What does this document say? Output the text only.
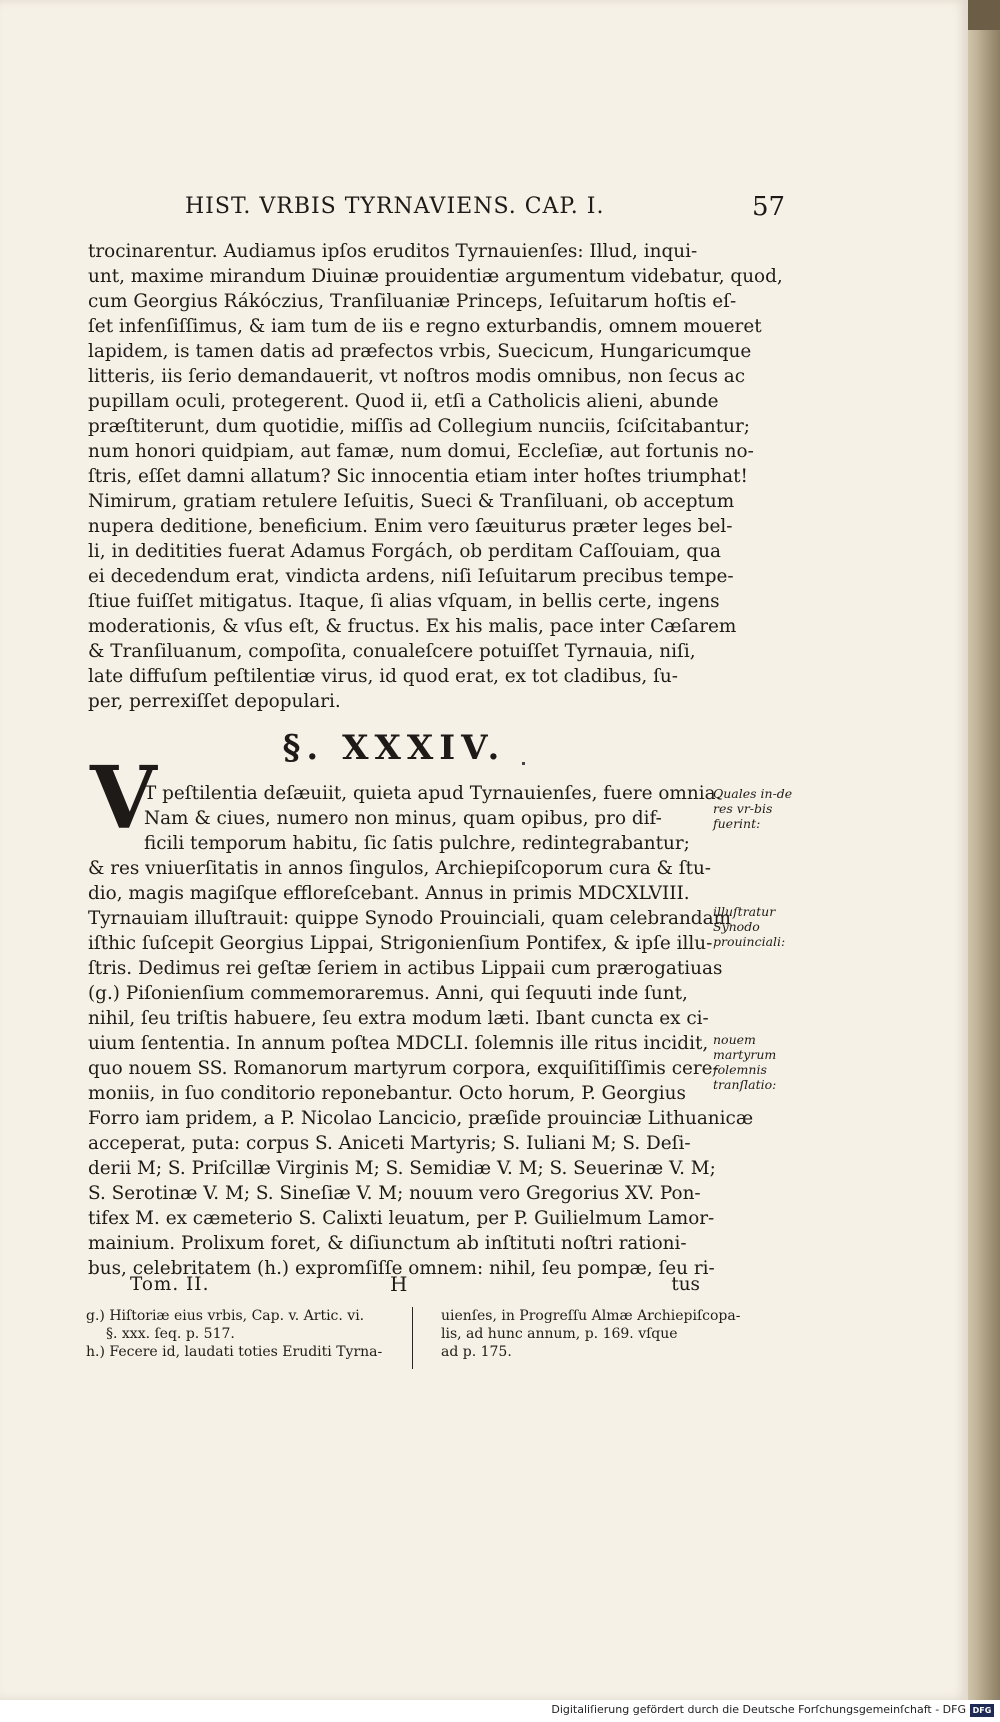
HIST. VRBIS TYRNAVIENS. CAP. I.	57
trocinarentur. Audiamus ipſos eruditos Tyrnauienſes: Illud, inqui-
unt, maxime mirandum Diuinæ prouidentiæ argumentum videbatur, quod,
cum Georgius Rákóczius, Tranſiluaniæ Princeps, Ieſuitarum hoſtis eſ-
ſet infenſiſſimus, & iam tum de iis e regno exturbandis, omnem moueret
lapidem, is tamen datis ad præfectos vrbis, Suecicum, Hungaricumque
litteris, iis ſerio demandauerit, vt noſtros modis omnibus, non ſecus ac
pupillam oculi, protegerent. Quod ii, etſi a Catholicis alieni, abunde
præſtiterunt, dum quotidie, miſſis ad Collegium nunciis, ſciſcitabantur;
num honori quidpiam, aut famæ, num domui, Eccleſiæ, aut fortunis no-
ſtris, eſſet damni allatum? Sic innocentia etiam inter hoſtes triumphat!
Nimirum, gratiam retulere Ieſuitis, Sueci & Tranſiluani, ob acceptum
nupera deditione, beneficium. Enim vero ſæuiturus præter leges bel-
li, in deditities fuerat Adamus Forgách, ob perditam Caſſouiam, qua
ei decedendum erat, vindicta ardens, niſi Ieſuitarum precibus tempe-
ſtiue fuiſſet mitigatus. Itaque, ſi alias vſquam, in bellis certe, ingens
moderationis, & vſus eſt, & fructus. Ex his malis, pace inter Cæſarem
& Tranſiluanum, compoſita, conualeſcere potuiſſet Tyrnauia, niſi,
late diffuſum peſtilentiæ virus, id quod erat, ex tot cladibus, ſu-
per, perrexiſſet depopulari.
§. XXXIV.
V
T peſtilentia deſæuiit, quieta apud Tyrnauienſes, fuere omnia.
Nam & ciues, numero non minus, quam opibus, pro dif-
ficili temporum habitu, ſic ſatis pulchre, redintegrabantur;
& res vniuerſitatis in annos ſingulos, Archiepiſcoporum cura & ſtu-
dio, magis magiſque eﬄoreſcebant. Annus in primis MDCXLVIII.
Tyrnauiam illuſtrauit: quippe Synodo Prouinciali, quam celebrandam
iſthic ſuſcepit Georgius Lippai, Strigonienſium Pontifex, & ipſe illu-
ſtris. Dedimus rei geſtæ ſeriem in actibus Lippaii cum prærogatiuas
(g.) Piſonienſium commemoraremus. Anni, qui ſequuti inde ſunt,
nihil, ſeu triſtis habuere, ſeu extra modum læti. Ibant cuncta ex ci-
uium ſententia. In annum poſtea MDCLI. ſolemnis ille ritus incidit,
quo nouem SS. Romanorum martyrum corpora, exquiſitiſſimis cere-
moniis, in ſuo conditorio reponebantur. Octo horum, P. Georgius
Forro iam pridem, a P. Nicolao Lancicio, præſide prouinciæ Lithuanicæ
acceperat, puta: corpus S. Aniceti Martyris; S. Iuliani M; S. Deſi-
derii M; S. Priſcillæ Virginis M; S. Semidiæ V. M; S. Seuerinæ V. M;
S. Serotinæ V. M; S. Sineſiæ V. M; nouum vero Gregorius XV. Pon-
tifex M. ex cæmeterio S. Calixti leuatum, per P. Guilielmum Lamor-
mainium. Prolixum foret, & diſiunctum ab inſtituti noſtri rationi-
bus, celebritatem (h.) expromſiſſe omnem: nihil, ſeu pompæ, ſeu ri-
Quales in-de res vr-bis fuerint:
illuſtratur Synodo prouinciali:
nouem martyrum ſolemnis tranſlatio:
Tom. II.	H	tus
g.) Hiſtoriæ eius vrbis, Cap. v. Artic. vi.
§. xxx. ſeq. p. 517.
h.) Fecere id, laudati toties Eruditi Tyrna-
uienſes, in Progreſſu Almæ Archiepiſcopa-
lis, ad hunc annum, p. 169. vſque
ad p. 175.
Digitaliſierung gefördert durch die Deutsche Forſchungsgemeinſchaft - DFG DFG
